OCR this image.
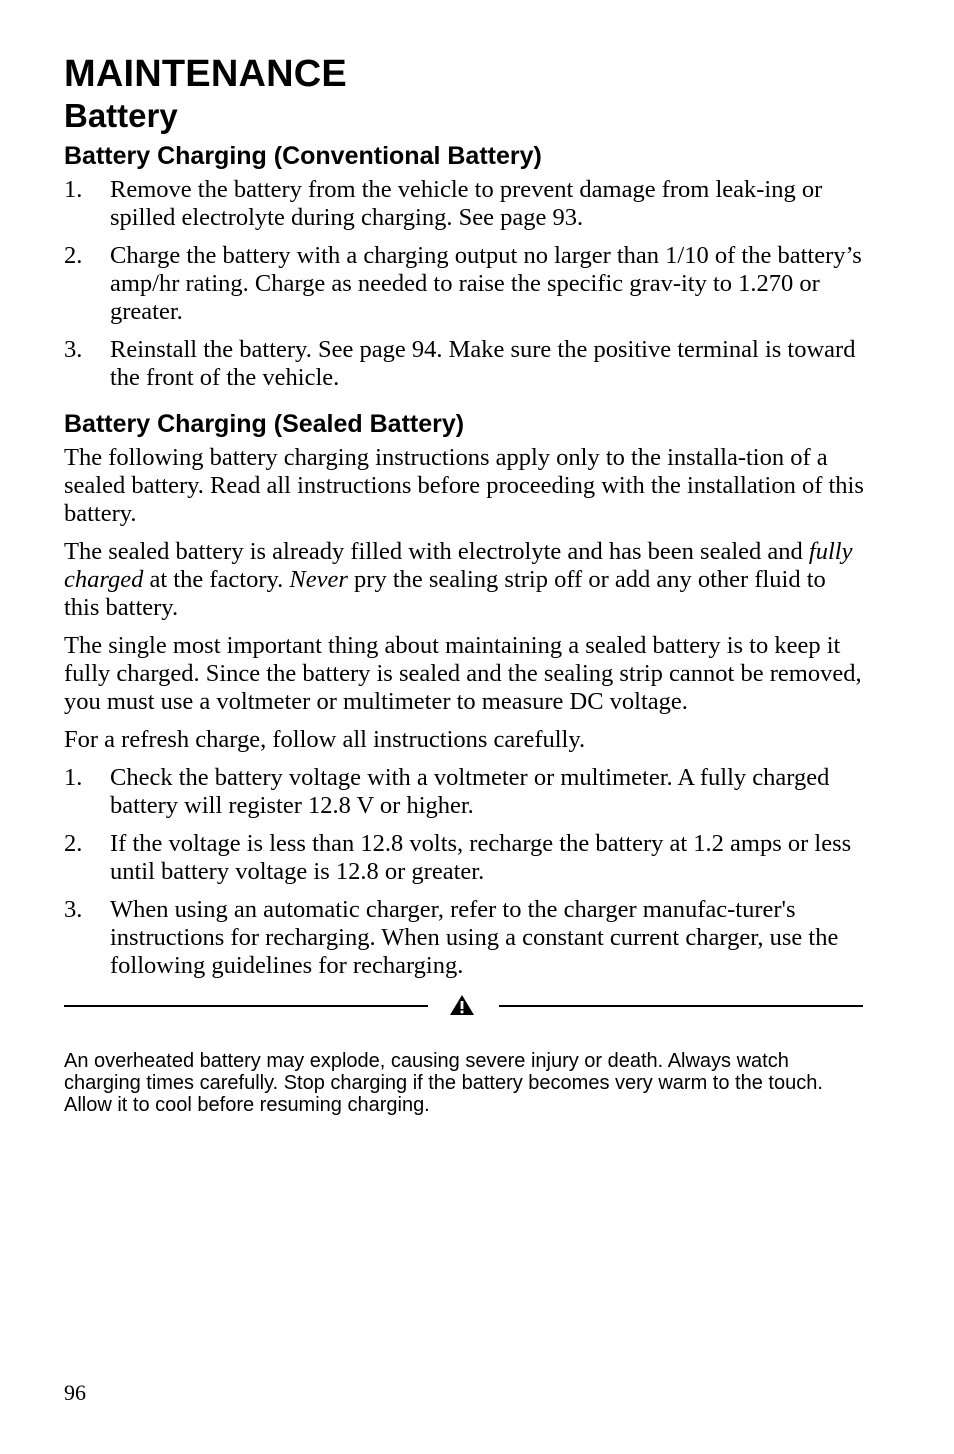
MAINTENANCE
Battery
Battery Charging (Conventional Battery)
1. Remove the battery from the vehicle to prevent damage from leak-ing or spilled electrolyte during charging. See page 93.
2. Charge the battery with a charging output no larger than 1/10 of the battery’s amp/hr rating. Charge as needed to raise the specific grav-ity to 1.270 or greater.
3. Reinstall the battery. See page 94. Make sure the positive terminal is toward the front of the vehicle.
Battery Charging (Sealed Battery)

The following battery charging instructions apply only to the installa-tion of a sealed battery. Read all instructions before proceeding with the installation of this battery.

The sealed battery is already filled with electrolyte and has been sealed and fully charged at the factory. Never pry the sealing strip off or add any other fluid to this battery.

The single most important thing about maintaining a sealed battery is to keep it fully charged. Since the battery is sealed and the sealing strip cannot be removed, you must use a voltmeter or multimeter to measure DC voltage.

For a refresh charge, follow all instructions carefully.

1. Check the battery voltage with a voltmeter or multimeter. A fully charged battery will register 12.8 V or higher.
2. If the voltage is less than 12.8 volts, recharge the battery at 1.2 amps or less until battery voltage is 12.8 or greater.
3. When using an automatic charger, refer to the charger manufac-turer's instructions for recharging. When using a constant current charger, use the following guidelines for recharging.
An overheated battery may explode, causing severe injury or death. Always watch charging times carefully. Stop charging if the battery becomes very warm to the touch. Allow it to cool before resuming charging.
96
